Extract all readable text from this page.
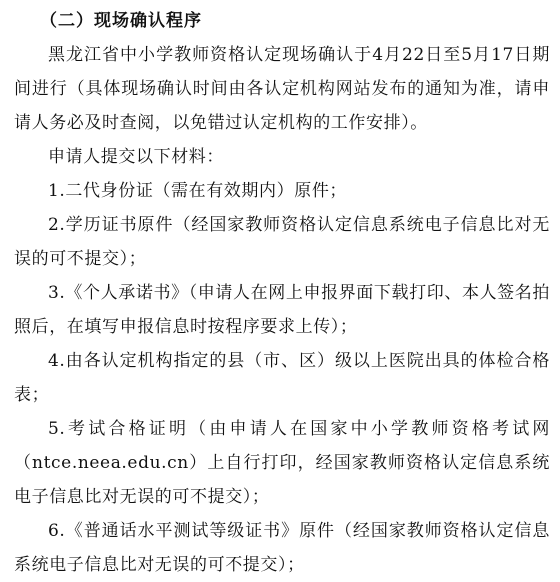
（二）现场确认程序

黑龙江省中小学教师资格认定现场确认于4月22日至5月17日期间进行（具体现场确认时间由各认定机构网站发布的通知为准，请申请人务必及时查阅，以免错过认定机构的工作安排）。

申请人提交以下材料：

1.二代身份证（需在有效期内）原件；

2.学历证书原件（经国家教师资格认定信息系统电子信息比对无误的可不提交）；

3.《个人承诺书》（申请人在网上申报界面下载打印、本人签名拍照后，在填写申报信息时按程序要求上传）；

4.由各认定机构指定的县（市、区）级以上医院出具的体检合格表；

5.考试合格证明（由申请人在国家中小学教师资格考试网（ntce.neea.edu.cn）上自行打印，经国家教师资格认定信息系统电子信息比对无误的可不提交）；

6.《普通话水平测试等级证书》原件（经国家教师资格认定信息系统电子信息比对无误的可不提交）；
